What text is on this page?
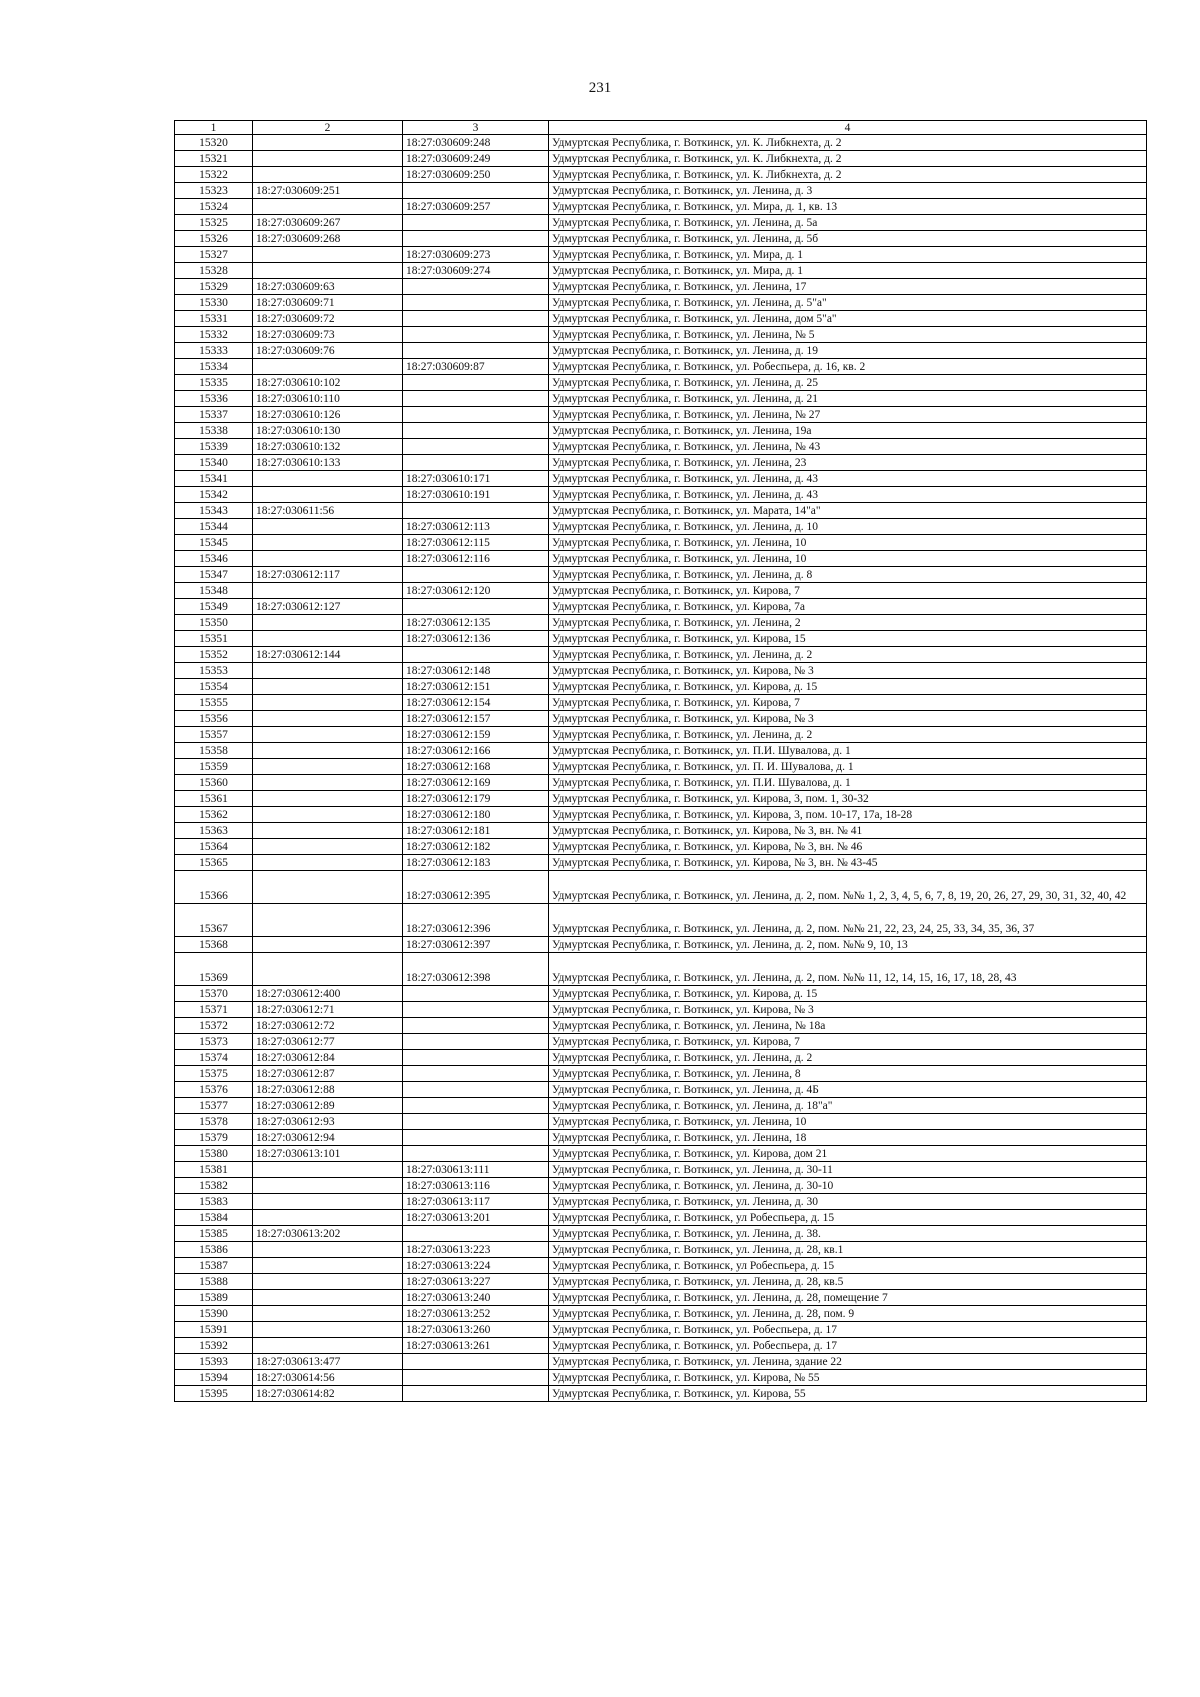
231
1	2	3	4
15320		18:27:030609:248	Удмуртская Республика, г. Воткинск, ул. К. Либкнехта, д. 2
15321		18:27:030609:249	Удмуртская Республика, г. Воткинск, ул. К. Либкнехта, д. 2
15322		18:27:030609:250	Удмуртская Республика, г. Воткинск, ул. К. Либкнехта, д. 2
15323	18:27:030609:251		Удмуртская Республика, г. Воткинск, ул. Ленина, д. 3
15324		18:27:030609:257	Удмуртская Республика, г. Воткинск, ул. Мира, д. 1, кв. 13
15325	18:27:030609:267		Удмуртская Республика, г. Воткинск, ул. Ленина, д. 5а
15326	18:27:030609:268		Удмуртская Республика, г. Воткинск, ул. Ленина, д. 5б
15327		18:27:030609:273	Удмуртская Республика, г. Воткинск, ул. Мира, д. 1
15328		18:27:030609:274	Удмуртская Республика, г. Воткинск, ул. Мира, д. 1
15329	18:27:030609:63		Удмуртская Республика, г. Воткинск, ул. Ленина, 17
15330	18:27:030609:71		Удмуртская Республика, г. Воткинск, ул. Ленина, д. 5"а"
15331	18:27:030609:72		Удмуртская Республика, г. Воткинск, ул. Ленина, дом 5"а"
15332	18:27:030609:73		Удмуртская Республика, г. Воткинск, ул. Ленина, № 5
15333	18:27:030609:76		Удмуртская Республика, г. Воткинск, ул. Ленина, д. 19
15334		18:27:030609:87	Удмуртская Республика, г. Воткинск, ул. Робеспьера, д. 16, кв. 2
15335	18:27:030610:102		Удмуртская Республика, г. Воткинск, ул. Ленина, д. 25
15336	18:27:030610:110		Удмуртская Республика, г. Воткинск, ул. Ленина, д. 21
15337	18:27:030610:126		Удмуртская Республика, г. Воткинск, ул. Ленина, № 27
15338	18:27:030610:130		Удмуртская Республика, г. Воткинск, ул. Ленина, 19а
15339	18:27:030610:132		Удмуртская Республика, г. Воткинск, ул. Ленина, № 43
15340	18:27:030610:133		Удмуртская Республика, г. Воткинск, ул. Ленина, 23
15341		18:27:030610:171	Удмуртская Республика, г. Воткинск, ул. Ленина, д. 43
15342		18:27:030610:191	Удмуртская Республика, г. Воткинск, ул. Ленина, д. 43
15343	18:27:030611:56		Удмуртская Республика, г. Воткинск, ул. Марата, 14"а"
15344		18:27:030612:113	Удмуртская Республика, г. Воткинск, ул. Ленина, д. 10
15345		18:27:030612:115	Удмуртская Республика, г. Воткинск, ул. Ленина, 10
15346		18:27:030612:116	Удмуртская Республика, г. Воткинск, ул. Ленина, 10
15347	18:27:030612:117		Удмуртская Республика, г. Воткинск, ул. Ленина, д. 8
15348		18:27:030612:120	Удмуртская Республика, г. Воткинск, ул. Кирова, 7
15349	18:27:030612:127		Удмуртская Республика, г. Воткинск, ул. Кирова, 7а
15350		18:27:030612:135	Удмуртская Республика, г. Воткинск, ул. Ленина, 2
15351		18:27:030612:136	Удмуртская Республика, г. Воткинск, ул. Кирова, 15
15352	18:27:030612:144		Удмуртская Республика, г. Воткинск, ул. Ленина, д. 2
15353		18:27:030612:148	Удмуртская Республика, г. Воткинск, ул. Кирова, № 3
15354		18:27:030612:151	Удмуртская Республика, г. Воткинск, ул. Кирова, д. 15
15355		18:27:030612:154	Удмуртская Республика, г. Воткинск, ул. Кирова, 7
15356		18:27:030612:157	Удмуртская Республика, г. Воткинск, ул. Кирова, № 3
15357		18:27:030612:159	Удмуртская Республика, г. Воткинск, ул. Ленина, д. 2
15358		18:27:030612:166	Удмуртская Республика, г. Воткинск, ул. П.И. Шувалова, д. 1
15359		18:27:030612:168	Удмуртская Республика, г. Воткинск, ул. П. И. Шувалова, д. 1
15360		18:27:030612:169	Удмуртская Республика, г. Воткинск, ул. П.И. Шувалова, д. 1
15361		18:27:030612:179	Удмуртская Республика, г. Воткинск, ул. Кирова, 3, пом. 1, 30-32
15362		18:27:030612:180	Удмуртская Республика, г. Воткинск, ул. Кирова, 3, пом. 10-17, 17а, 18-28
15363		18:27:030612:181	Удмуртская Республика, г. Воткинск, ул. Кирова, № 3, вн. № 41
15364		18:27:030612:182	Удмуртская Республика, г. Воткинск, ул. Кирова, № 3, вн. № 46
15365		18:27:030612:183	Удмуртская Республика, г. Воткинск, ул. Кирова, № 3, вн. № 43-45
15366		18:27:030612:395	Удмуртская Республика, г. Воткинск, ул. Ленина, д. 2, пом. №№ 1, 2, 3, 4, 5, 6, 7, 8, 19, 20, 26, 27, 29, 30, 31, 32, 40, 42
15367		18:27:030612:396	Удмуртская Республика, г. Воткинск, ул. Ленина, д. 2, пом. №№ 21, 22, 23, 24, 25, 33, 34, 35, 36, 37
15368		18:27:030612:397	Удмуртская Республика, г. Воткинск, ул. Ленина, д. 2, пом. №№ 9, 10, 13
15369		18:27:030612:398	Удмуртская Республика, г. Воткинск, ул. Ленина, д. 2, пом. №№ 11, 12, 14, 15, 16, 17, 18, 28, 43
15370	18:27:030612:400		Удмуртская Республика, г. Воткинск, ул. Кирова, д. 15
15371	18:27:030612:71		Удмуртская Республика, г. Воткинск, ул. Кирова, № 3
15372	18:27:030612:72		Удмуртская Республика, г. Воткинск, ул. Ленина, № 18а
15373	18:27:030612:77		Удмуртская Республика, г. Воткинск, ул. Кирова, 7
15374	18:27:030612:84		Удмуртская Республика, г. Воткинск, ул. Ленина, д. 2
15375	18:27:030612:87		Удмуртская Республика, г. Воткинск, ул. Ленина, 8
15376	18:27:030612:88		Удмуртская Республика, г. Воткинск, ул. Ленина, д. 4Б
15377	18:27:030612:89		Удмуртская Республика, г. Воткинск, ул. Ленина, д. 18"а"
15378	18:27:030612:93		Удмуртская Республика, г. Воткинск, ул. Ленина, 10
15379	18:27:030612:94		Удмуртская Республика, г. Воткинск, ул. Ленина, 18
15380	18:27:030613:101		Удмуртская Республика, г. Воткинск, ул. Кирова, дом 21
15381		18:27:030613:111	Удмуртская Республика, г. Воткинск, ул. Ленина, д. 30-11
15382		18:27:030613:116	Удмуртская Республика, г. Воткинск, ул. Ленина, д. 30-10
15383		18:27:030613:117	Удмуртская Республика, г. Воткинск, ул. Ленина, д. 30
15384		18:27:030613:201	Удмуртская Республика, г. Воткинск, ул Робеспьера, д. 15
15385	18:27:030613:202		Удмуртская Республика, г. Воткинск, ул. Ленина, д. 38.
15386		18:27:030613:223	Удмуртская Республика, г. Воткинск, ул. Ленина, д. 28, кв.1
15387		18:27:030613:224	Удмуртская Республика, г. Воткинск, ул Робеспьера, д. 15
15388		18:27:030613:227	Удмуртская Республика, г. Воткинск, ул. Ленина, д. 28, кв.5
15389		18:27:030613:240	Удмуртская Республика, г. Воткинск, ул. Ленина, д. 28, помещение 7
15390		18:27:030613:252	Удмуртская Республика, г. Воткинск, ул. Ленина, д. 28, пом. 9
15391		18:27:030613:260	Удмуртская Республика, г. Воткинск, ул. Робеспьера, д. 17
15392		18:27:030613:261	Удмуртская Республика, г. Воткинск, ул. Робеспьера, д. 17
15393	18:27:030613:477		Удмуртская Республика, г. Воткинск, ул. Ленина, здание 22
15394	18:27:030614:56		Удмуртская Республика, г. Воткинск, ул. Кирова, № 55
15395	18:27:030614:82		Удмуртская Республика, г. Воткинск, ул. Кирова, 55
